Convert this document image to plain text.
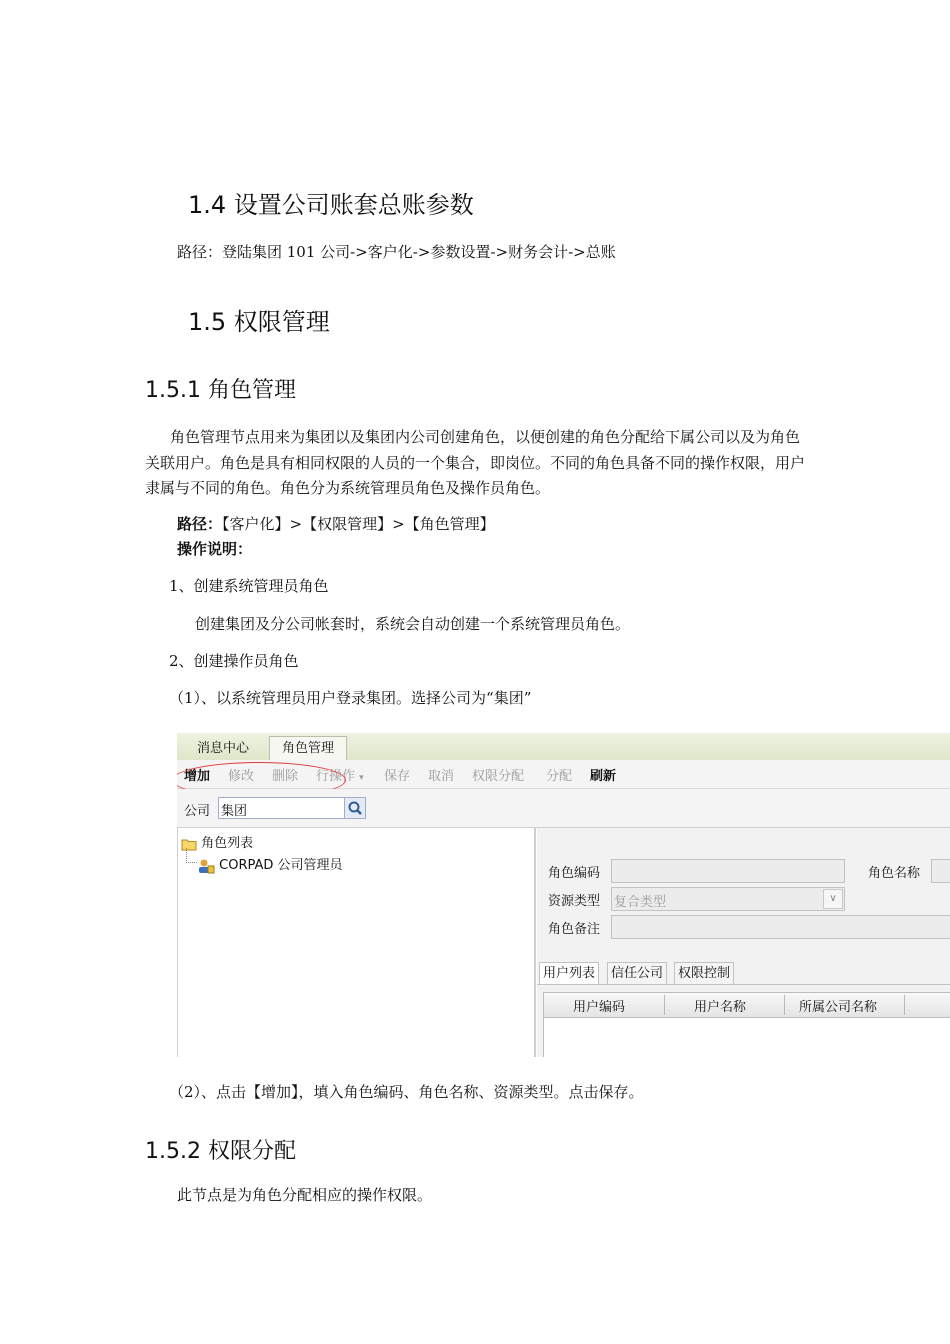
1.4 设置公司账套总账参数
路径：登陆集团 101 公司->客户化->参数设置->财务会计->总账
1.5 权限管理
1.5.1 角色管理
角色管理节点用来为集团以及集团内公司创建角色，以便创建的角色分配给下属公司以及为角色关联用户。角色是具有相同权限的人员的一个集合，即岗位。不同的角色具备不同的操作权限，用户隶属与不同的角色。角色分为系统管理员角色及操作员角色。
路径：【客户化】>【权限管理】>【角色管理】
操作说明：
1、创建系统管理员角色
创建集团及分公司帐套时，系统会自动创建一个系统管理员角色。
2、创建操作员角色
（1）、以系统管理员用户登录集团。选择公司为“集团”
消息中心	角色管理
增加 修改 删除 行操作 ▾ 保存 取消 权限分配 分配 刷新
公司 集团
角色列表
CORPAD 公司管理员
角色编码	角色名称
资源类型 复合类型	∨
角色备注
用户列表	信任公司	权限控制
用户编码	用户名称	所属公司名称
（2）、点击【增加】，填入角色编码、角色名称、资源类型。点击保存。
1.5.2 权限分配
此节点是为角色分配相应的操作权限。
